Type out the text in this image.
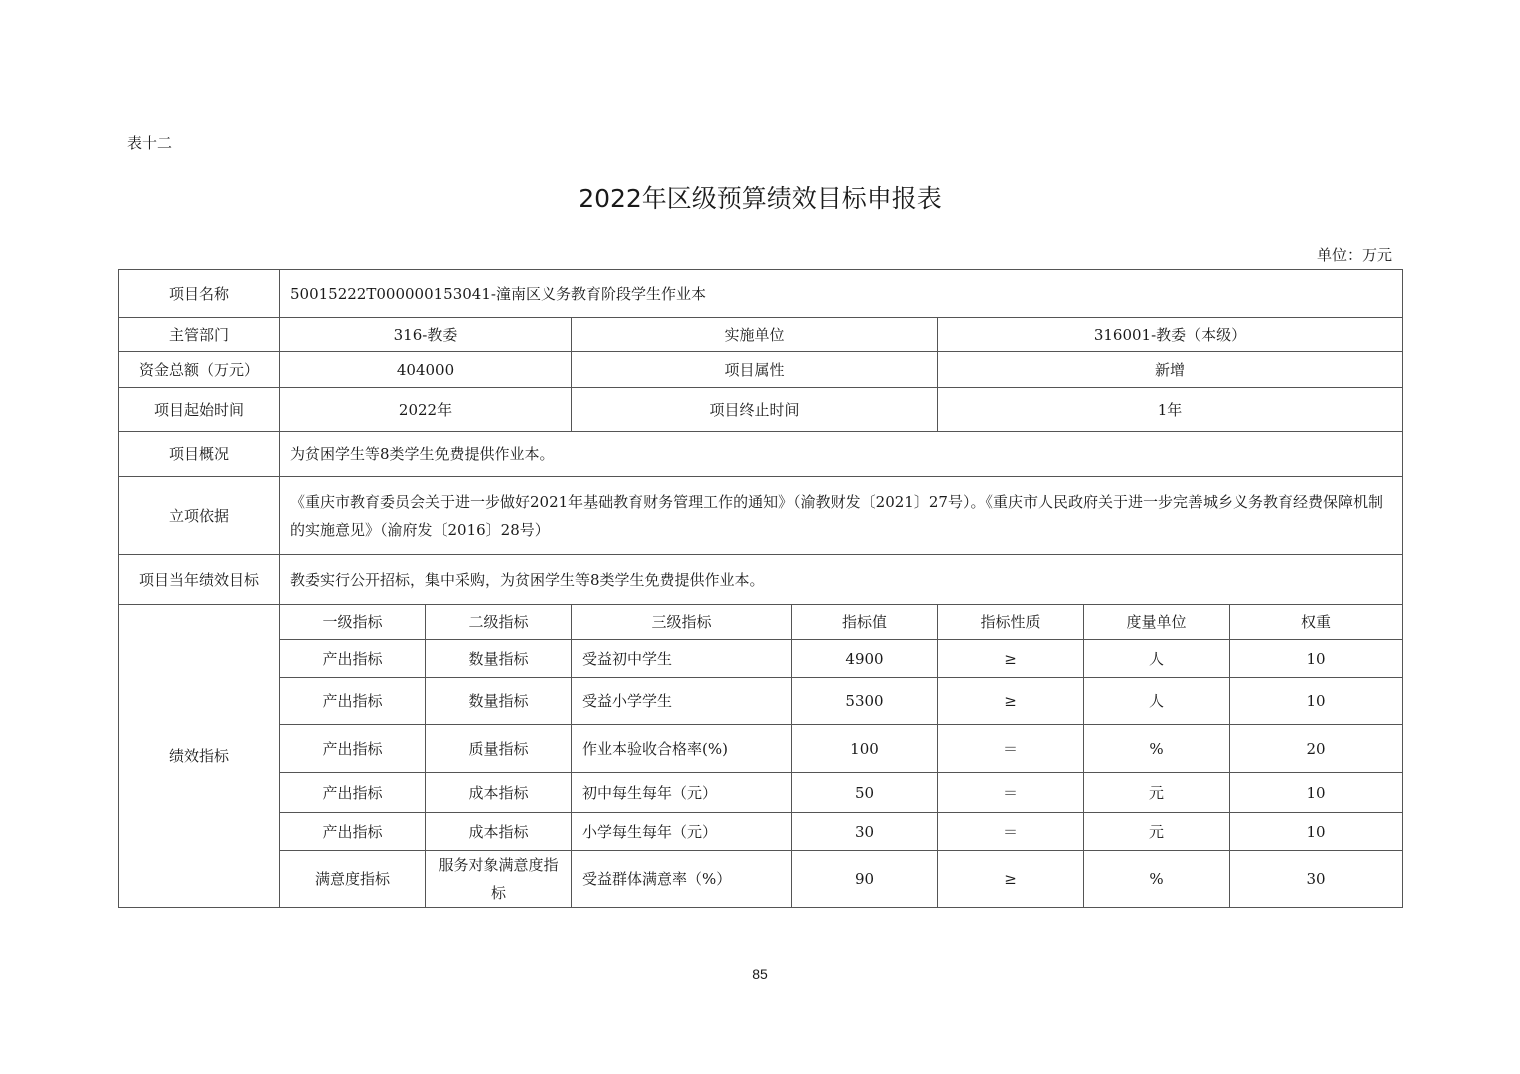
表十二
2022年区级预算绩效目标申报表
单位：万元
项目名称	50015222T000000153041-潼南区义务教育阶段学生作业本						
主管部门	316-教委		实施单位		316001-教委（本级）		
资金总额（万元）	404000		项目属性		新增		
项目起始时间	2022年		项目终止时间		1年		
项目概况	为贫困学生等8类学生免费提供作业本。						
立项依据	《重庆市教育委员会关于进一步做好2021年基础教育财务管理工作的通知》（渝教财发〔2021〕27号）。《重庆市人民政府关于进一步完善城乡义务教育经费保障机制的实施意见》（渝府发〔2016〕28号）						
项目当年绩效目标	教委实行公开招标，集中采购，为贫困学生等8类学生免费提供作业本。						
绩效指标	一级指标	二级指标	三级指标	指标值	指标性质	度量单位	权重
	产出指标	数量指标	受益初中学生	4900	≥	人	10
	产出指标	数量指标	受益小学学生	5300	≥	人	10
	产出指标	质量指标	作业本验收合格率(%)	100	＝	%	20
	产出指标	成本指标	初中每生每年（元）	50	＝	元	10
	产出指标	成本指标	小学每生每年（元）	30	＝	元	10
	满意度指标	服务对象满意度指标	受益群体满意率（%）	90	≥	%	30
85
